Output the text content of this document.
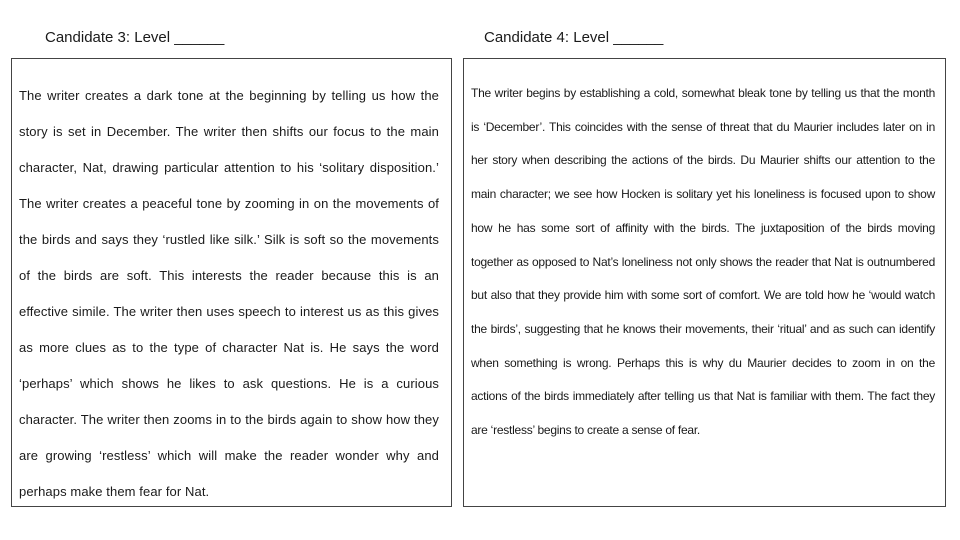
Candidate 3: Level ______	Candidate 4: Level ______

The writer creates a dark tone at the beginning by telling us how the story is set in December. The writer then shifts our focus to the main character, Nat, drawing particular attention to his ‘solitary disposition.’ The writer creates a peaceful tone by zooming in on the movements of the birds and says they ‘rustled like silk.’ Silk is soft so the movements of the birds are soft. This interests the reader because this is an effective simile. The writer then uses speech to interest us as this gives as more clues as to the type of character Nat is. He says the word ‘perhaps’ which shows he likes to ask questions. He is a curious character. The writer then zooms in to the birds again to show how they are growing ‘restless’ which will make the reader wonder why and perhaps make them fear for Nat.

The writer begins by establishing a cold, somewhat bleak tone by telling us that the month is ‘December’. This coincides with the sense of threat that du Maurier includes later on in her story when describing the actions of the birds. Du Maurier shifts our attention to the main character; we see how Hocken is solitary yet his loneliness is focused upon to show how he has some sort of affinity with the birds. The juxtaposition of the birds moving together as opposed to Nat’s loneliness not only shows the reader that Nat is outnumbered but also that they provide him with some sort of comfort. We are told how he ‘would watch the birds’, suggesting that he knows their movements, their ‘ritual’ and as such can identify when something is wrong. Perhaps this is why du Maurier decides to zoom in on the actions of the birds immediately after telling us that Nat is familiar with them. The fact they are ‘restless’ begins to create a sense of fear.
